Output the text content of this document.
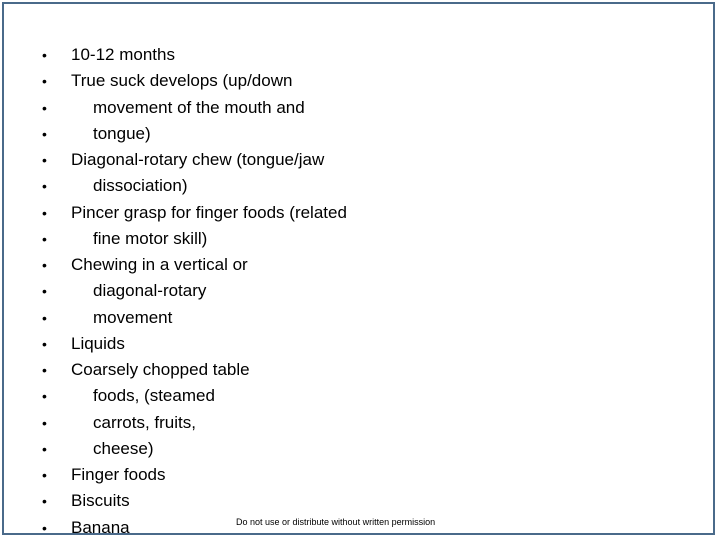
• 10-12 months
• True suck develops (up/down
•	movement of the mouth and
•	tongue)
• Diagonal-rotary chew (tongue/jaw
•	dissociation)
• Pincer grasp for finger foods (related
•	fine motor skill)
• Chewing in a vertical or
•	diagonal-rotary
•	movement
• Liquids
• Coarsely chopped table
•	foods, (steamed
•	carrots, fruits,
•	cheese)
• Finger foods
• Biscuits
• Banana	Do not use or distribute without written permission
